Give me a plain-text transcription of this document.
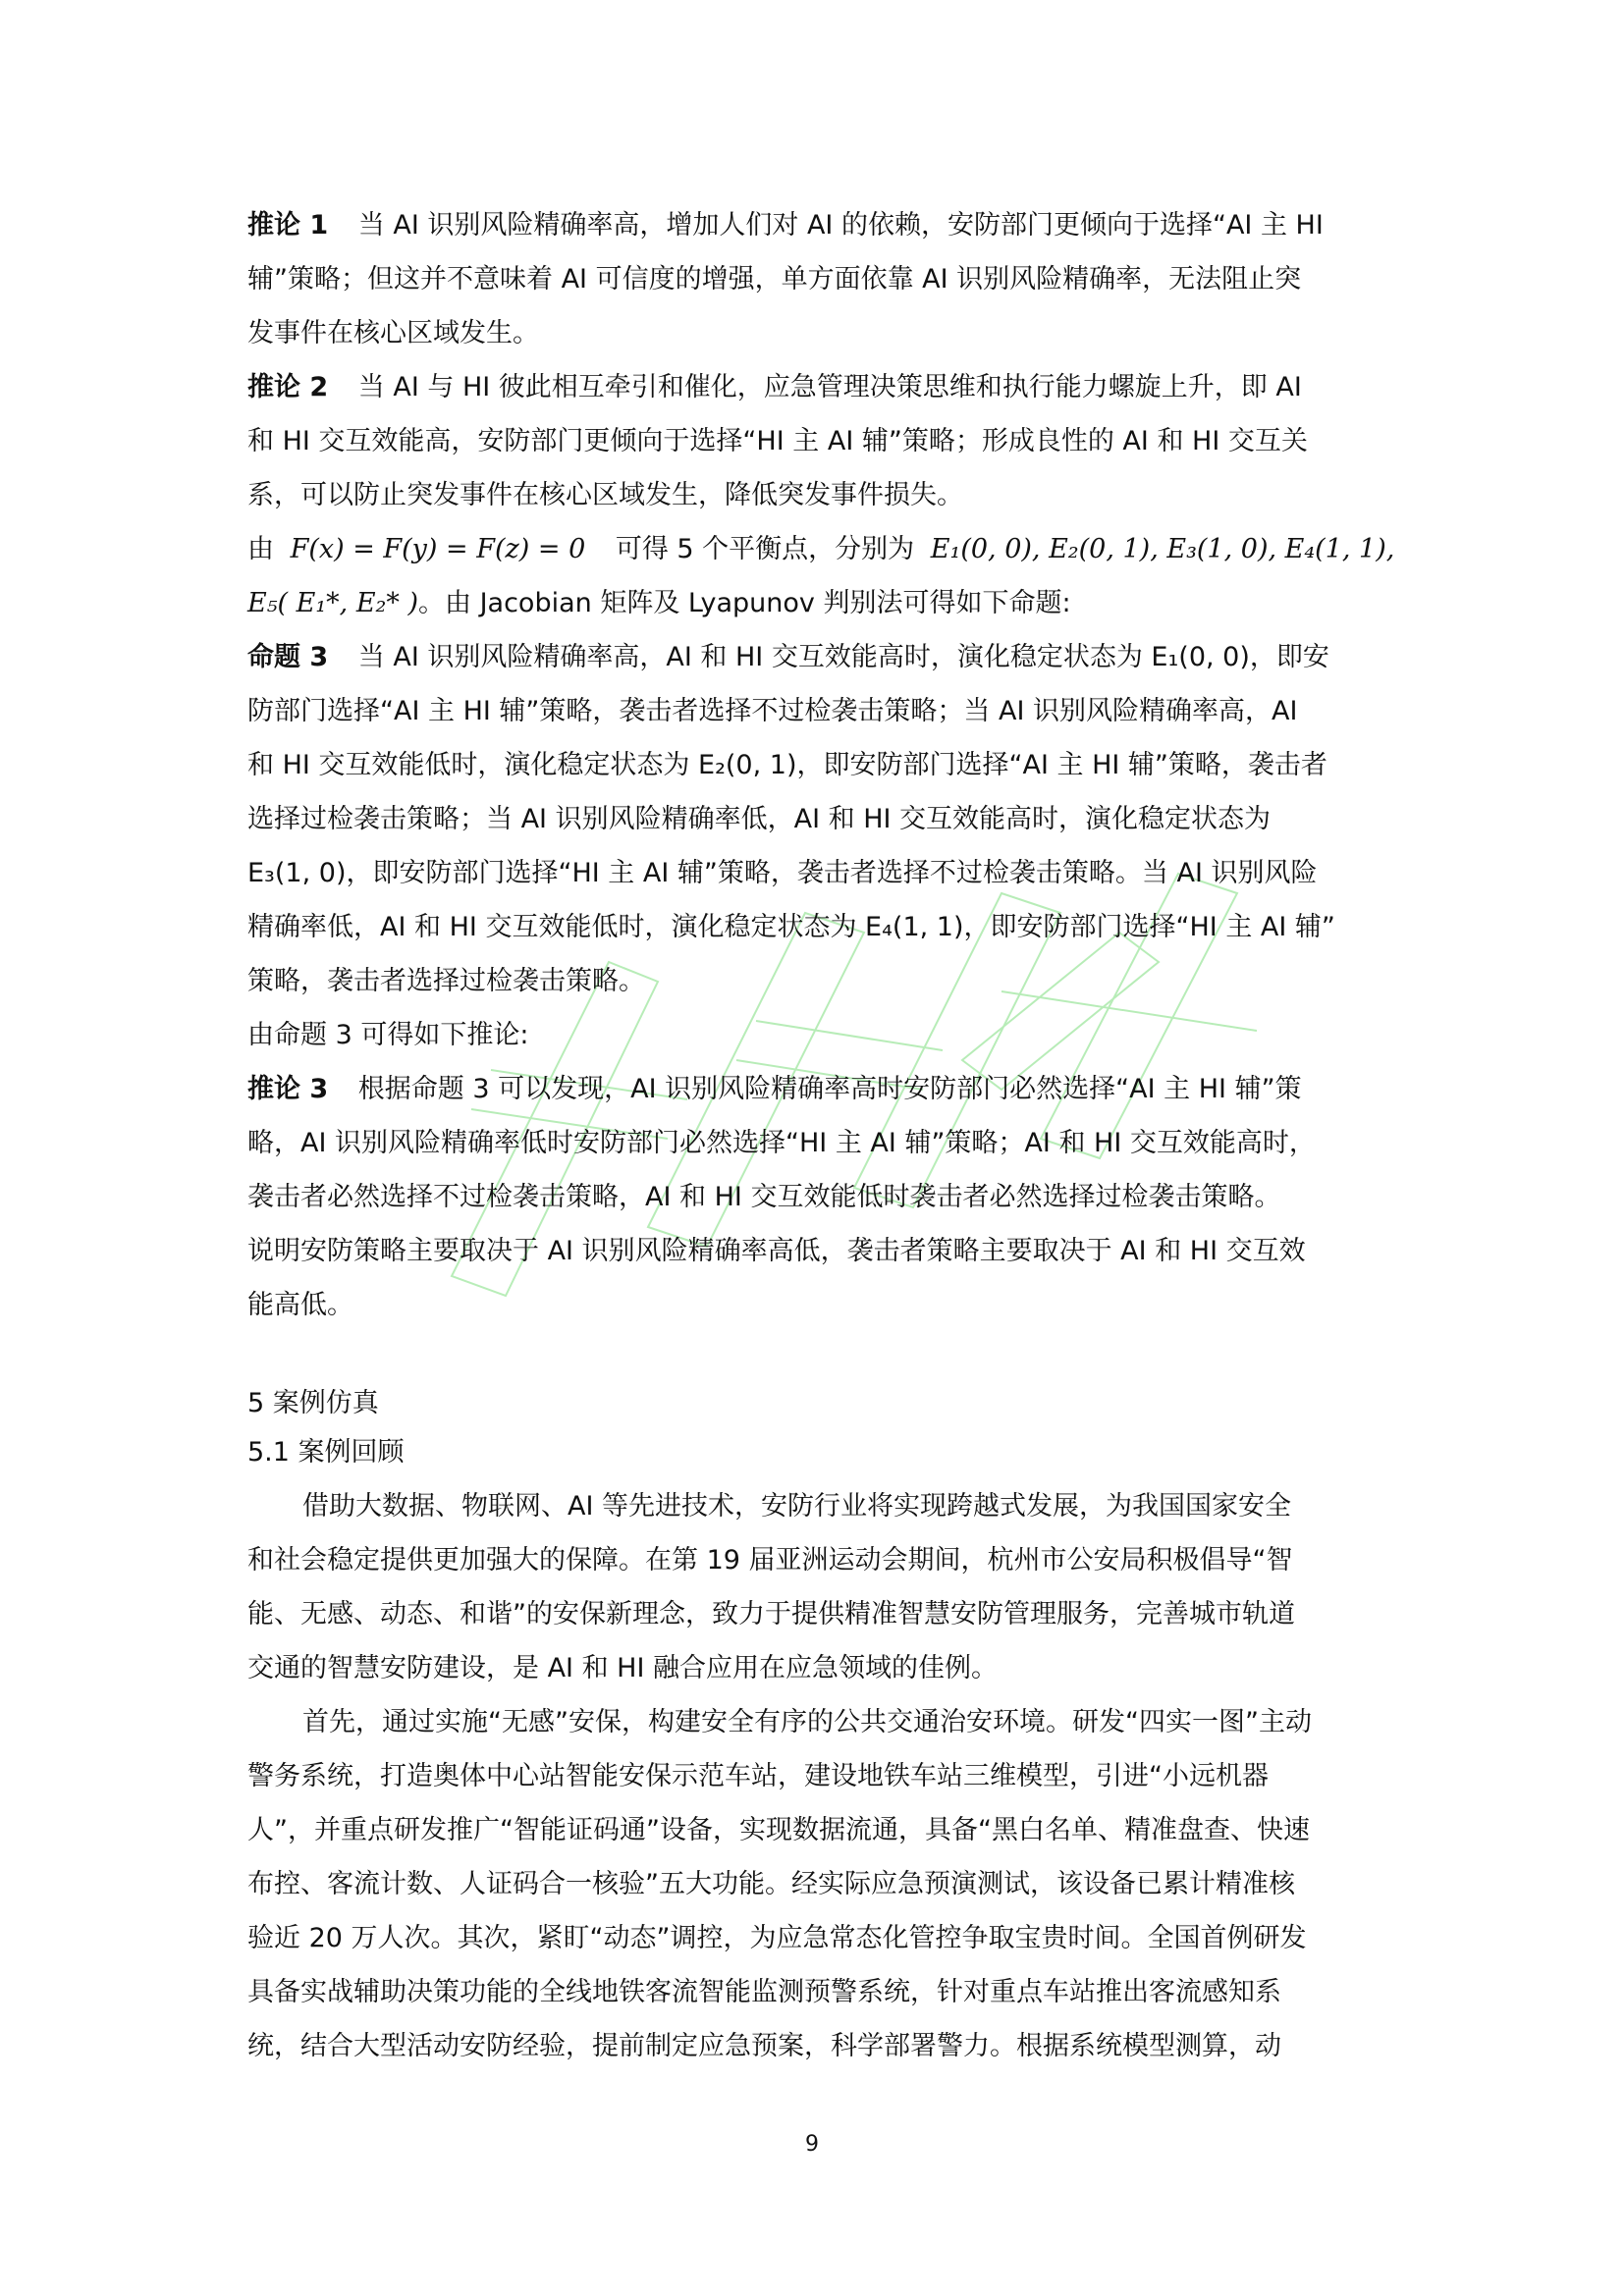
推论 1 当 AI 识别风险精确率高，增加人们对 AI 的依赖，安防部门更倾向于选择“AI 主 HI
辅”策略；但这并不意味着 AI 可信度的增强，单方面依靠 AI 识别风险精确率，无法阻止突
发事件在核心区域发生。
推论 2 当 AI 与 HI 彼此相互牵引和催化，应急管理决策思维和执行能力螺旋上升，即 AI
和 HI 交互效能高，安防部门更倾向于选择“HI 主 AI 辅”策略；形成良性的 AI 和 HI 交互关
系，可以防止突发事件在核心区域发生，降低突发事件损失。
由 F(x) = F(y) = F(z) = 0 可得 5 个平衡点，分别为 E₁(0, 0), E₂(0, 1), E₃(1, 0), E₄(1, 1),
E₅( E₁*, E₂* )。由 Jacobian 矩阵及 Lyapunov 判别法可得如下命题:
命题 3 当 AI 识别风险精确率高，AI 和 HI 交互效能高时，演化稳定状态为 E₁(0, 0)，即安
防部门选择“AI 主 HI 辅”策略，袭击者选择不过检袭击策略；当 AI 识别风险精确率高，AI
和 HI 交互效能低时，演化稳定状态为 E₂(0, 1)，即安防部门选择“AI 主 HI 辅”策略，袭击者
选择过检袭击策略；当 AI 识别风险精确率低，AI 和 HI 交互效能高时，演化稳定状态为
E₃(1, 0)，即安防部门选择“HI 主 AI 辅”策略，袭击者选择不过检袭击策略。当 AI 识别风险
精确率低，AI 和 HI 交互效能低时，演化稳定状态为 E₄(1, 1)，即安防部门选择“HI 主 AI 辅”
策略，袭击者选择过检袭击策略。
由命题 3 可得如下推论:
推论 3 根据命题 3 可以发现，AI 识别风险精确率高时安防部门必然选择“AI 主 HI 辅”策
略，AI 识别风险精确率低时安防部门必然选择“HI 主 AI 辅”策略；AI 和 HI 交互效能高时，
袭击者必然选择不过检袭击策略，AI 和 HI 交互效能低时袭击者必然选择过检袭击策略。
说明安防策略主要取决于 AI 识别风险精确率高低，袭击者策略主要取决于 AI 和 HI 交互效
能高低。
5 案例仿真
5.1 案例回顾
借助大数据、物联网、AI 等先进技术，安防行业将实现跨越式发展，为我国国家安全
和社会稳定提供更加强大的保障。在第 19 届亚洲运动会期间，杭州市公安局积极倡导“智
能、无感、动态、和谐”的安保新理念，致力于提供精准智慧安防管理服务，完善城市轨道
交通的智慧安防建设，是 AI 和 HI 融合应用在应急领域的佳例。
首先，通过实施“无感”安保，构建安全有序的公共交通治安环境。研发“四实一图”主动
警务系统，打造奥体中心站智能安保示范车站，建设地铁车站三维模型，引进“小远机器
人”，并重点研发推广“智能证码通”设备，实现数据流通，具备“黑白名单、精准盘查、快速
布控、客流计数、人证码合一核验”五大功能。经实际应急预演测试，该设备已累计精准核
验近 20 万人次。其次，紧盯“动态”调控，为应急常态化管控争取宝贵时间。全国首例研发
具备实战辅助决策功能的全线地铁客流智能监测预警系统，针对重点车站推出客流感知系
统，结合大型活动安防经验，提前制定应急预案，科学部署警力。根据系统模型测算，动
9
